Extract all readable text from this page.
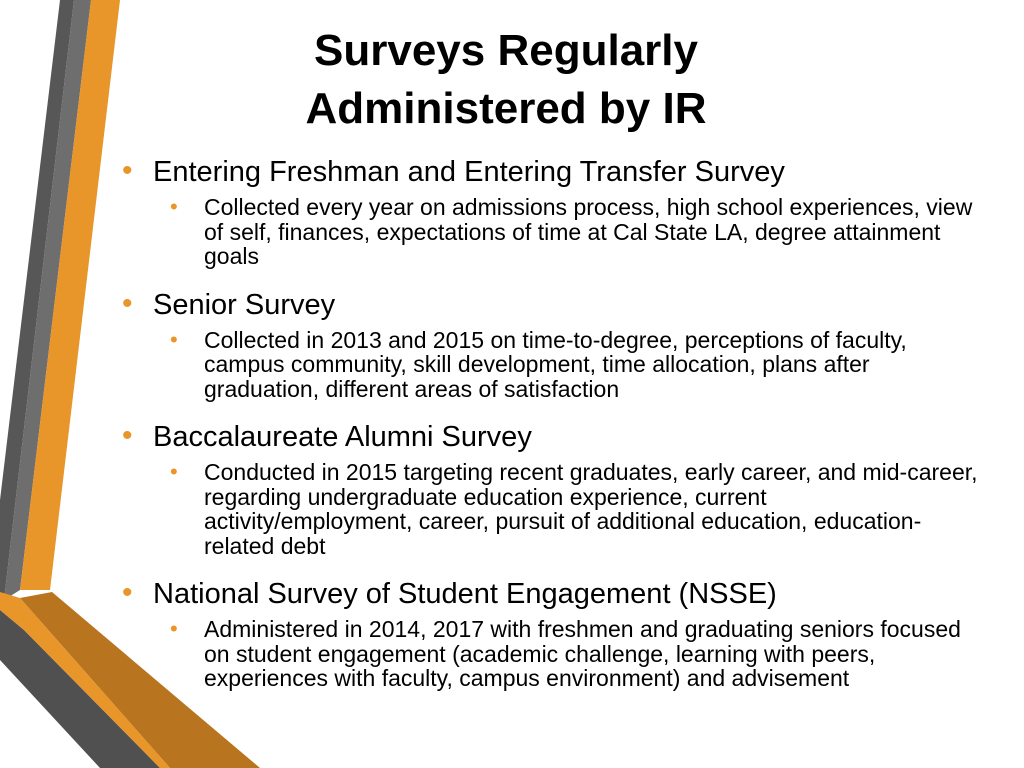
Surveys Regularly
Administered by IR
• Entering Freshman and Entering Transfer Survey
• Collected every year on admissions process, high school experiences, view of self, finances, expectations of time at Cal State LA, degree attainment goals
• Senior Survey
• Collected in 2013 and 2015 on time-to-degree, perceptions of faculty, campus community, skill development, time allocation, plans after graduation, different areas of satisfaction
• Baccalaureate Alumni Survey
• Conducted in 2015 targeting recent graduates, early career, and mid-career, regarding undergraduate education experience, current activity/employment, career, pursuit of additional education, education-related debt
• National Survey of Student Engagement (NSSE)
• Administered in 2014, 2017 with freshmen and graduating seniors focused on student engagement (academic challenge, learning with peers, experiences with faculty, campus environment) and advisement
